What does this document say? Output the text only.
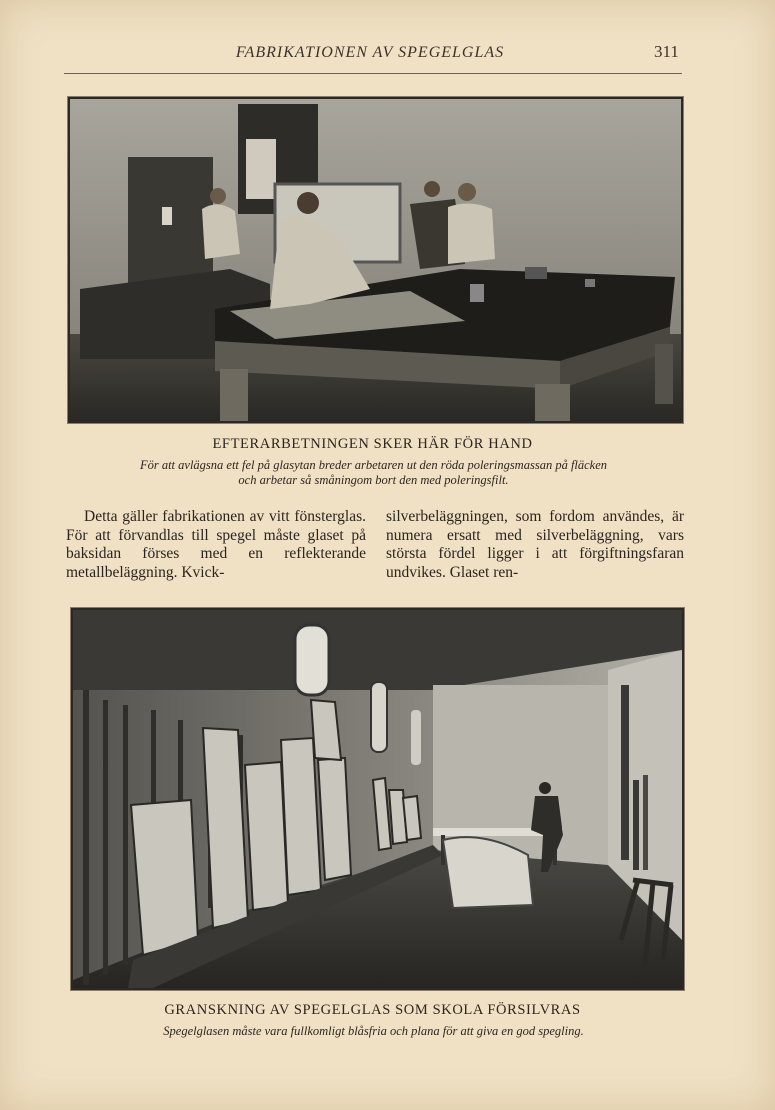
FABRIKATIONEN AV SPEGELGLAS	311
EFTERARBETNINGEN SKER HÄR FÖR HAND
För att avlägsna ett fel på glasytan breder arbetaren ut den röda poleringsmassan på fläcken
och arbetar så småningom bort den med poleringsfilt.

Detta gäller fabrikationen av vitt fönsterglas. För att förvandlas till spegel måste glaset på baksidan förses med en reflekterande metallbeläggning. Kvick-

silverbeläggningen, som fordom användes, är numera ersatt med silverbeläggning, vars största fördel ligger i att förgiftningsfaran undvikes. Glaset ren-

GRANSKNING AV SPEGELGLAS SOM SKOLA FÖRSILVRAS
Spegelglasen måste vara fullkomligt blåsfria och plana för att giva en god spegling.
